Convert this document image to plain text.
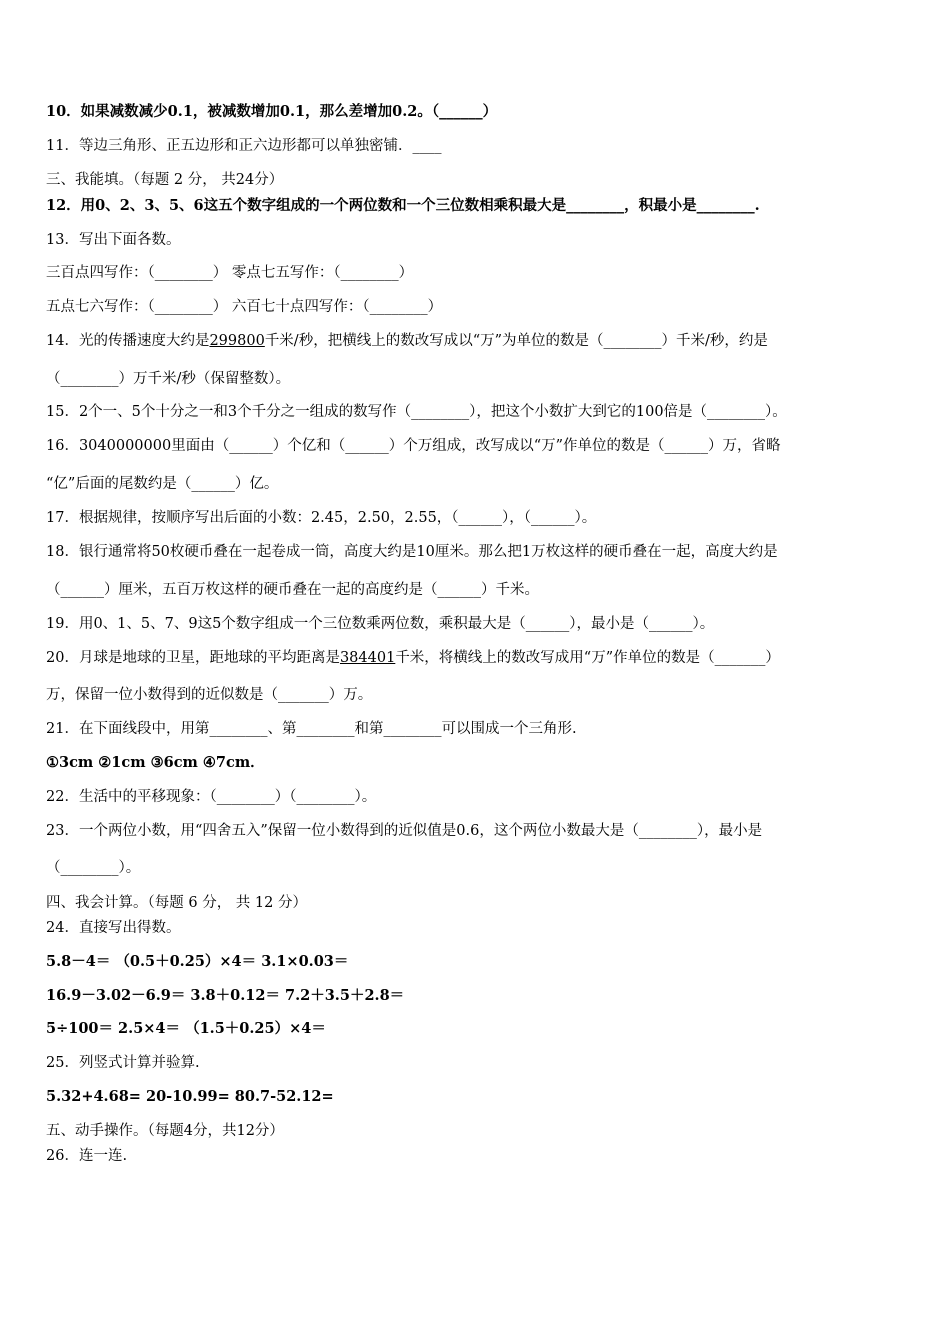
10．如果减数减少0.1，被减数增加0.1，那么差增加0.2。（______）
11．等边三角形、正五边形和正六边形都可以单独密铺．____
三、我能填。（每题 2 分， 共24分）
12．用0、2、3、5、6这五个数字组成的一个两位数和一个三位数相乘积最大是________，积最小是________.
13．写出下面各数。
三百点四写作：（________） 零点七五写作：（________）
五点七六写作：（________） 六百七十点四写作：（________）
14．光的传播速度大约是299800千米/秒，把横线上的数改写成以“万”为单位的数是（________）千米/秒，约是
（________）万千米/秒（保留整数）。
15．2个一、5个十分之一和3个千分之一组成的数写作（________），把这个小数扩大到它的100倍是（________）。
16．3040000000里面由（______）个亿和（______）个万组成，改写成以“万”作单位的数是（______）万，省略
“亿”后面的尾数约是（______）亿。
17．根据规律，按顺序写出后面的小数：2.45，2.50，2.55，（______），（______）。
18．银行通常将50枚硬币叠在一起卷成一筒，高度大约是10厘米。那么把1万枚这样的硬币叠在一起，高度大约是
（______）厘米，五百万枚这样的硬币叠在一起的高度约是（______）千米。
19．用0、1、5、7、9这5个数字组成一个三位数乘两位数，乘积最大是（______），最小是（______）。
20．月球是地球的卫星，距地球的平均距离是384401千米，将横线上的数改写成用“万”作单位的数是（_______）
万，保留一位小数得到的近似数是（_______）万。
21．在下面线段中，用第________、第________和第________可以围成一个三角形.
①3cm ②1cm ③6cm ④7cm．
22．生活中的平移现象：（________）（________）。
23．一个两位小数，用“四舍五入”保留一位小数得到的近似值是0.6，这个两位小数最大是（________），最小是
（________）。
四、我会计算。（每题 6 分， 共 12 分）
24．直接写出得数。
5.8－4＝ （0.5＋0.25）×4＝ 3.1×0.03＝
16.9－3.02－6.9＝ 3.8＋0.12＝ 7.2＋3.5＋2.8＝
5÷100＝ 2.5×4＝ （1.5＋0.25）×4＝
25．列竖式计算并验算.
5.32+4.68= 20-10.99= 80.7-52.12=
五、动手操作。（每题4分，共12分）
26．连一连.
